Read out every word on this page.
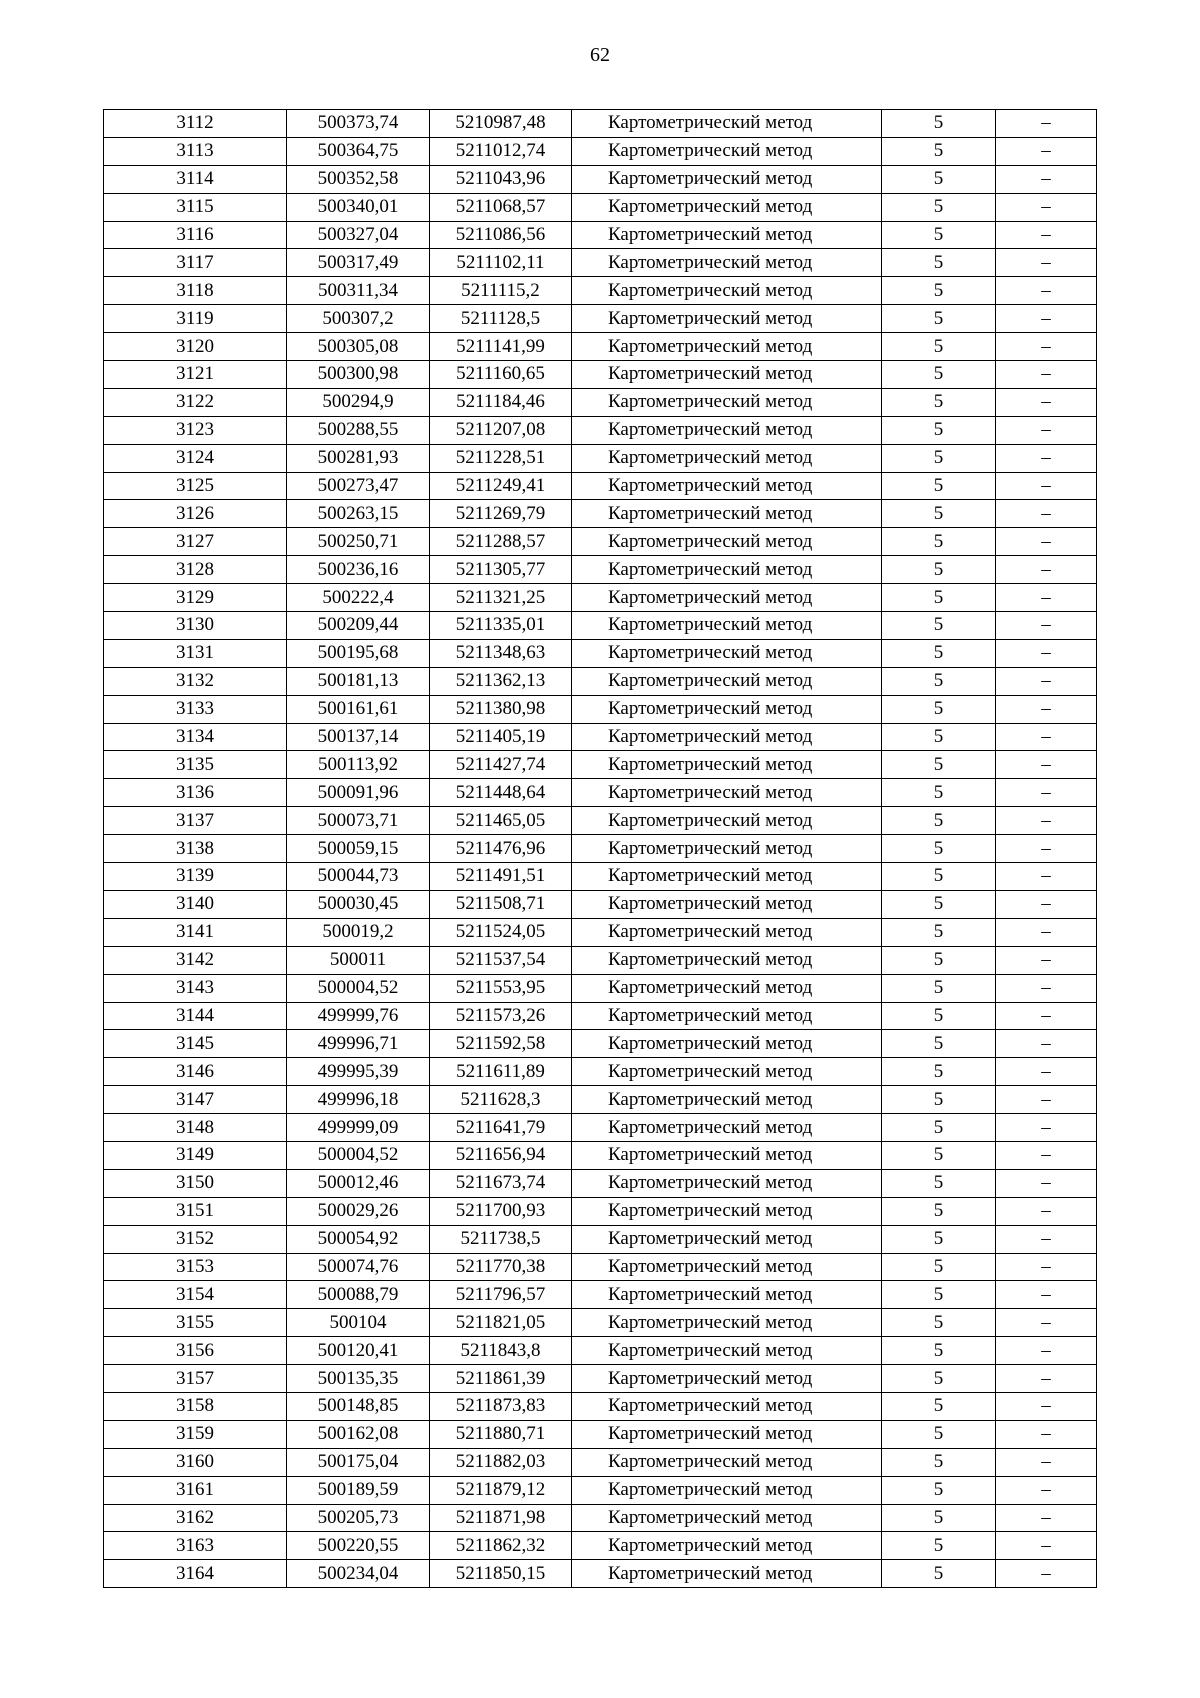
62
3112	500373,74	5210987,48	Картометрический метод	5	–
3113	500364,75	5211012,74	Картометрический метод	5	–
3114	500352,58	5211043,96	Картометрический метод	5	–
3115	500340,01	5211068,57	Картометрический метод	5	–
3116	500327,04	5211086,56	Картометрический метод	5	–
3117	500317,49	5211102,11	Картометрический метод	5	–
3118	500311,34	5211115,2	Картометрический метод	5	–
3119	500307,2	5211128,5	Картометрический метод	5	–
3120	500305,08	5211141,99	Картометрический метод	5	–
3121	500300,98	5211160,65	Картометрический метод	5	–
3122	500294,9	5211184,46	Картометрический метод	5	–
3123	500288,55	5211207,08	Картометрический метод	5	–
3124	500281,93	5211228,51	Картометрический метод	5	–
3125	500273,47	5211249,41	Картометрический метод	5	–
3126	500263,15	5211269,79	Картометрический метод	5	–
3127	500250,71	5211288,57	Картометрический метод	5	–
3128	500236,16	5211305,77	Картометрический метод	5	–
3129	500222,4	5211321,25	Картометрический метод	5	–
3130	500209,44	5211335,01	Картометрический метод	5	–
3131	500195,68	5211348,63	Картометрический метод	5	–
3132	500181,13	5211362,13	Картометрический метод	5	–
3133	500161,61	5211380,98	Картометрический метод	5	–
3134	500137,14	5211405,19	Картометрический метод	5	–
3135	500113,92	5211427,74	Картометрический метод	5	–
3136	500091,96	5211448,64	Картометрический метод	5	–
3137	500073,71	5211465,05	Картометрический метод	5	–
3138	500059,15	5211476,96	Картометрический метод	5	–
3139	500044,73	5211491,51	Картометрический метод	5	–
3140	500030,45	5211508,71	Картометрический метод	5	–
3141	500019,2	5211524,05	Картометрический метод	5	–
3142	500011	5211537,54	Картометрический метод	5	–
3143	500004,52	5211553,95	Картометрический метод	5	–
3144	499999,76	5211573,26	Картометрический метод	5	–
3145	499996,71	5211592,58	Картометрический метод	5	–
3146	499995,39	5211611,89	Картометрический метод	5	–
3147	499996,18	5211628,3	Картометрический метод	5	–
3148	499999,09	5211641,79	Картометрический метод	5	–
3149	500004,52	5211656,94	Картометрический метод	5	–
3150	500012,46	5211673,74	Картометрический метод	5	–
3151	500029,26	5211700,93	Картометрический метод	5	–
3152	500054,92	5211738,5	Картометрический метод	5	–
3153	500074,76	5211770,38	Картометрический метод	5	–
3154	500088,79	5211796,57	Картометрический метод	5	–
3155	500104	5211821,05	Картометрический метод	5	–
3156	500120,41	5211843,8	Картометрический метод	5	–
3157	500135,35	5211861,39	Картометрический метод	5	–
3158	500148,85	5211873,83	Картометрический метод	5	–
3159	500162,08	5211880,71	Картометрический метод	5	–
3160	500175,04	5211882,03	Картометрический метод	5	–
3161	500189,59	5211879,12	Картометрический метод	5	–
3162	500205,73	5211871,98	Картометрический метод	5	–
3163	500220,55	5211862,32	Картометрический метод	5	–
3164	500234,04	5211850,15	Картометрический метод	5	–
